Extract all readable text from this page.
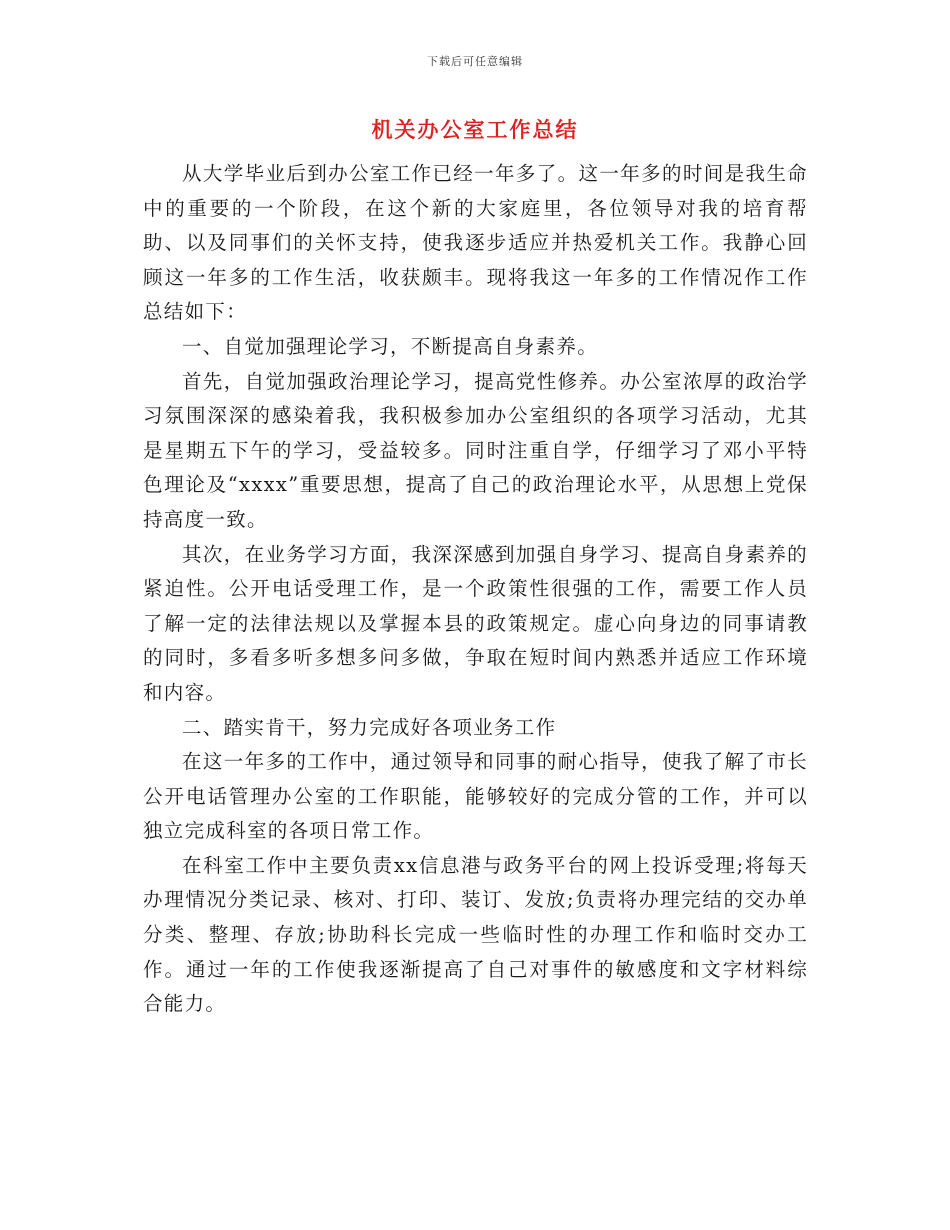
下载后可任意编辑
机关办公室工作总结

从大学毕业后到办公室工作已经一年多了。这一年多的时间是我生命中的重要的一个阶段，在这个新的大家庭里，各位领导对我的培育帮助、以及同事们的关怀支持，使我逐步适应并热爱机关工作。我静心回顾这一年多的工作生活，收获颇丰。现将我这一年多的工作情况作工作总结如下：

一、自觉加强理论学习，不断提高自身素养。

首先，自觉加强政治理论学习，提高党性修养。办公室浓厚的政治学习氛围深深的感染着我，我积极参加办公室组织的各项学习活动，尤其是星期五下午的学习，受益较多。同时注重自学，仔细学习了邓小平特色理论及“xxxx”重要思想，提高了自己的政治理论水平，从思想上党保持高度一致。

其次，在业务学习方面，我深深感到加强自身学习、提高自身素养的紧迫性。公开电话受理工作，是一个政策性很强的工作，需要工作人员了解一定的法律法规以及掌握本县的政策规定。虚心向身边的同事请教的同时，多看多听多想多问多做，争取在短时间内熟悉并适应工作环境和内容。

二、踏实肯干，努力完成好各项业务工作

在这一年多的工作中，通过领导和同事的耐心指导，使我了解了市长公开电话管理办公室的工作职能，能够较好的完成分管的工作，并可以独立完成科室的各项日常工作。

在科室工作中主要负责xx信息港与政务平台的网上投诉受理;将每天办理情况分类记录、核对、打印、装订、发放;负责将办理完结的交办单分类、整理、存放;协助科长完成一些临时性的办理工作和临时交办工作。通过一年的工作使我逐渐提高了自己对事件的敏感度和文字材料综合能力。
